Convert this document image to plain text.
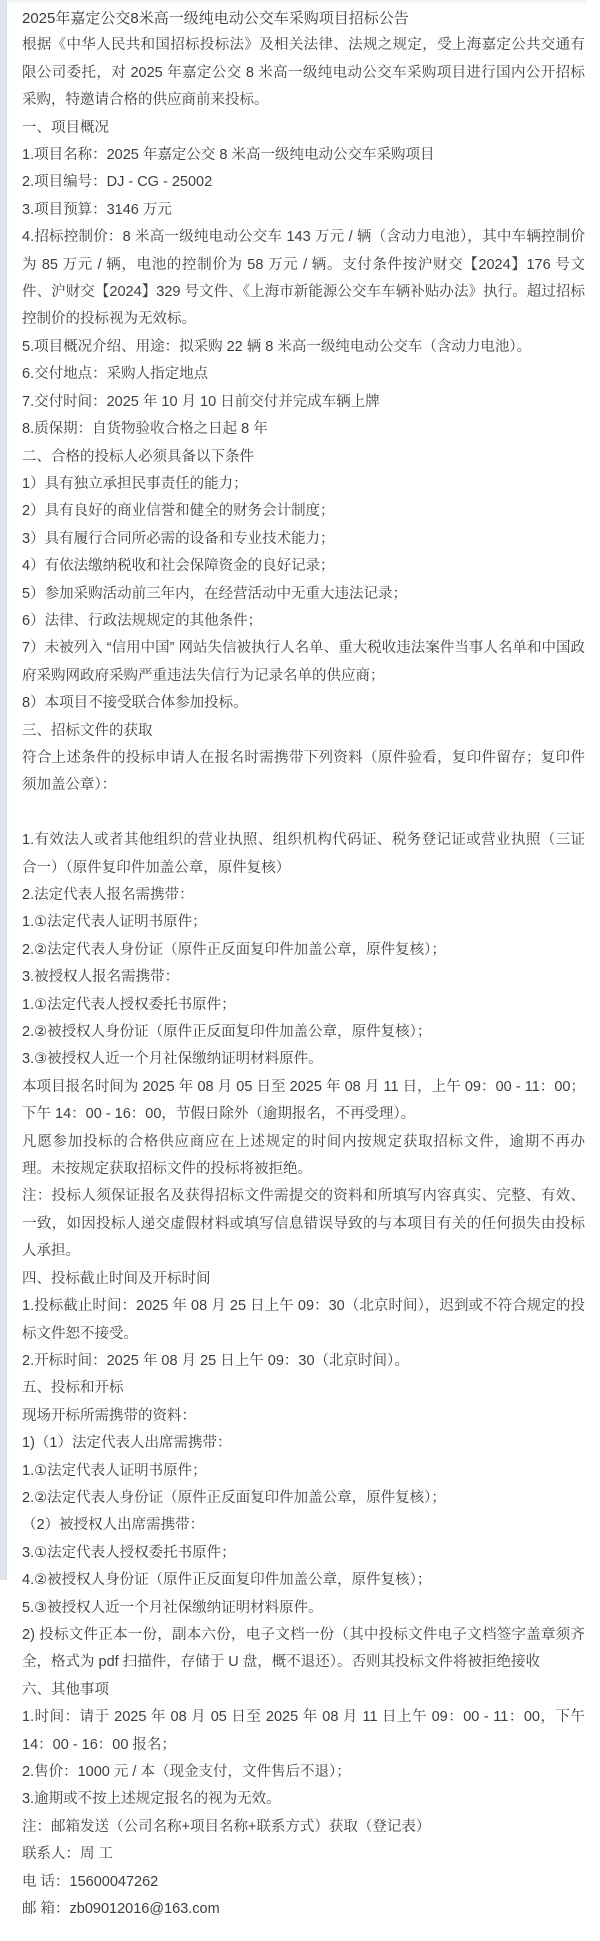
2025年嘉定公交8米高一级纯电动公交车采购项目招标公告

根据《中华人民共和国招标投标法》及相关法律、法规之规定，受上海嘉定公共交通有限公司委托，对 2025 年嘉定公交 8 米高一级纯电动公交车采购项目进行国内公开招标采购，特邀请合格的供应商前来投标。

一、项目概况

1.项目名称：2025 年嘉定公交 8 米高一级纯电动公交车采购项目

2.项目编号：DJ - CG - 25002

3.项目预算：3146 万元

4.招标控制价：8 米高一级纯电动公交车 143 万元 / 辆（含动力电池），其中车辆控制价为 85 万元 / 辆，电池的控制价为 58 万元 / 辆。支付条件按沪财交【2024】176 号文件、沪财交【2024】329 号文件、《上海市新能源公交车车辆补贴办法》执行。超过招标控制价的投标视为无效标。

5.项目概况介绍、用途：拟采购 22 辆 8 米高一级纯电动公交车（含动力电池）。

6.交付地点：采购人指定地点

7.交付时间：2025 年 10 月 10 日前交付并完成车辆上牌

8.质保期：自货物验收合格之日起 8 年

二、合格的投标人必须具备以下条件

1）具有独立承担民事责任的能力；

2）具有良好的商业信誉和健全的财务会计制度；

3）具有履行合同所必需的设备和专业技术能力；

4）有依法缴纳税收和社会保障资金的良好记录；

5）参加采购活动前三年内，在经营活动中无重大违法记录；

6）法律、行政法规规定的其他条件；

7）未被列入 “信用中国” 网站失信被执行人名单、重大税收违法案件当事人名单和中国政府采购网政府采购严重违法失信行为记录名单的供应商；

8）本项目不接受联合体参加投标。

三、招标文件的获取

符合上述条件的投标申请人在报名时需携带下列资料（原件验看，复印件留存；复印件须加盖公章）：

1.有效法人或者其他组织的营业执照、组织机构代码证、税务登记证或营业执照（三证合一）（原件复印件加盖公章，原件复核）

2.法定代表人报名需携带：

1.①法定代表人证明书原件；

2.②法定代表人身份证（原件正反面复印件加盖公章，原件复核）；

3.被授权人报名需携带：

1.①法定代表人授权委托书原件；

2.②被授权人身份证（原件正反面复印件加盖公章，原件复核）；

3.③被授权人近一个月社保缴纳证明材料原件。

本项目报名时间为 2025 年 08 月 05 日至 2025 年 08 月 11 日，上午 09：00 - 11：00；下午 14：00 - 16：00，节假日除外（逾期报名，不再受理）。

凡愿参加投标的合格供应商应在上述规定的时间内按规定获取招标文件，逾期不再办理。未按规定获取招标文件的投标将被拒绝。

注：投标人须保证报名及获得招标文件需提交的资料和所填写内容真实、完整、有效、一致，如因投标人递交虚假材料或填写信息错误导致的与本项目有关的任何损失由投标人承担。

四、投标截止时间及开标时间

1.投标截止时间：2025 年 08 月 25 日上午 09：30（北京时间），迟到或不符合规定的投标文件恕不接受。

2.开标时间：2025 年 08 月 25 日上午 09：30（北京时间）。

五、投标和开标

现场开标所需携带的资料：

1)（1）法定代表人出席需携带：

1.①法定代表人证明书原件；

2.②法定代表人身份证（原件正反面复印件加盖公章，原件复核）；

（2）被授权人出席需携带：

3.①法定代表人授权委托书原件；

4.②被授权人身份证（原件正反面复印件加盖公章，原件复核）；

5.③被授权人近一个月社保缴纳证明材料原件。

2) 投标文件正本一份，副本六份，电子文档一份（其中投标文件电子文档签字盖章须齐全，格式为 pdf 扫描件，存储于 U 盘，概不退还）。否则其投标文件将被拒绝接收

六、其他事项

1.时间：请于 2025 年 08 月 05 日至 2025 年 08 月 11 日上午 09：00 - 11：00，下午 14：00 - 16：00 报名；

2.售价：1000 元 / 本（现金支付，文件售后不退）；

3.逾期或不按上述规定报名的视为无效。

注：邮箱发送（公司名称+项目名称+联系方式）获取（登记表）

联系人：周 工

电 话：15600047262

邮 箱：zb09012016@163.com
